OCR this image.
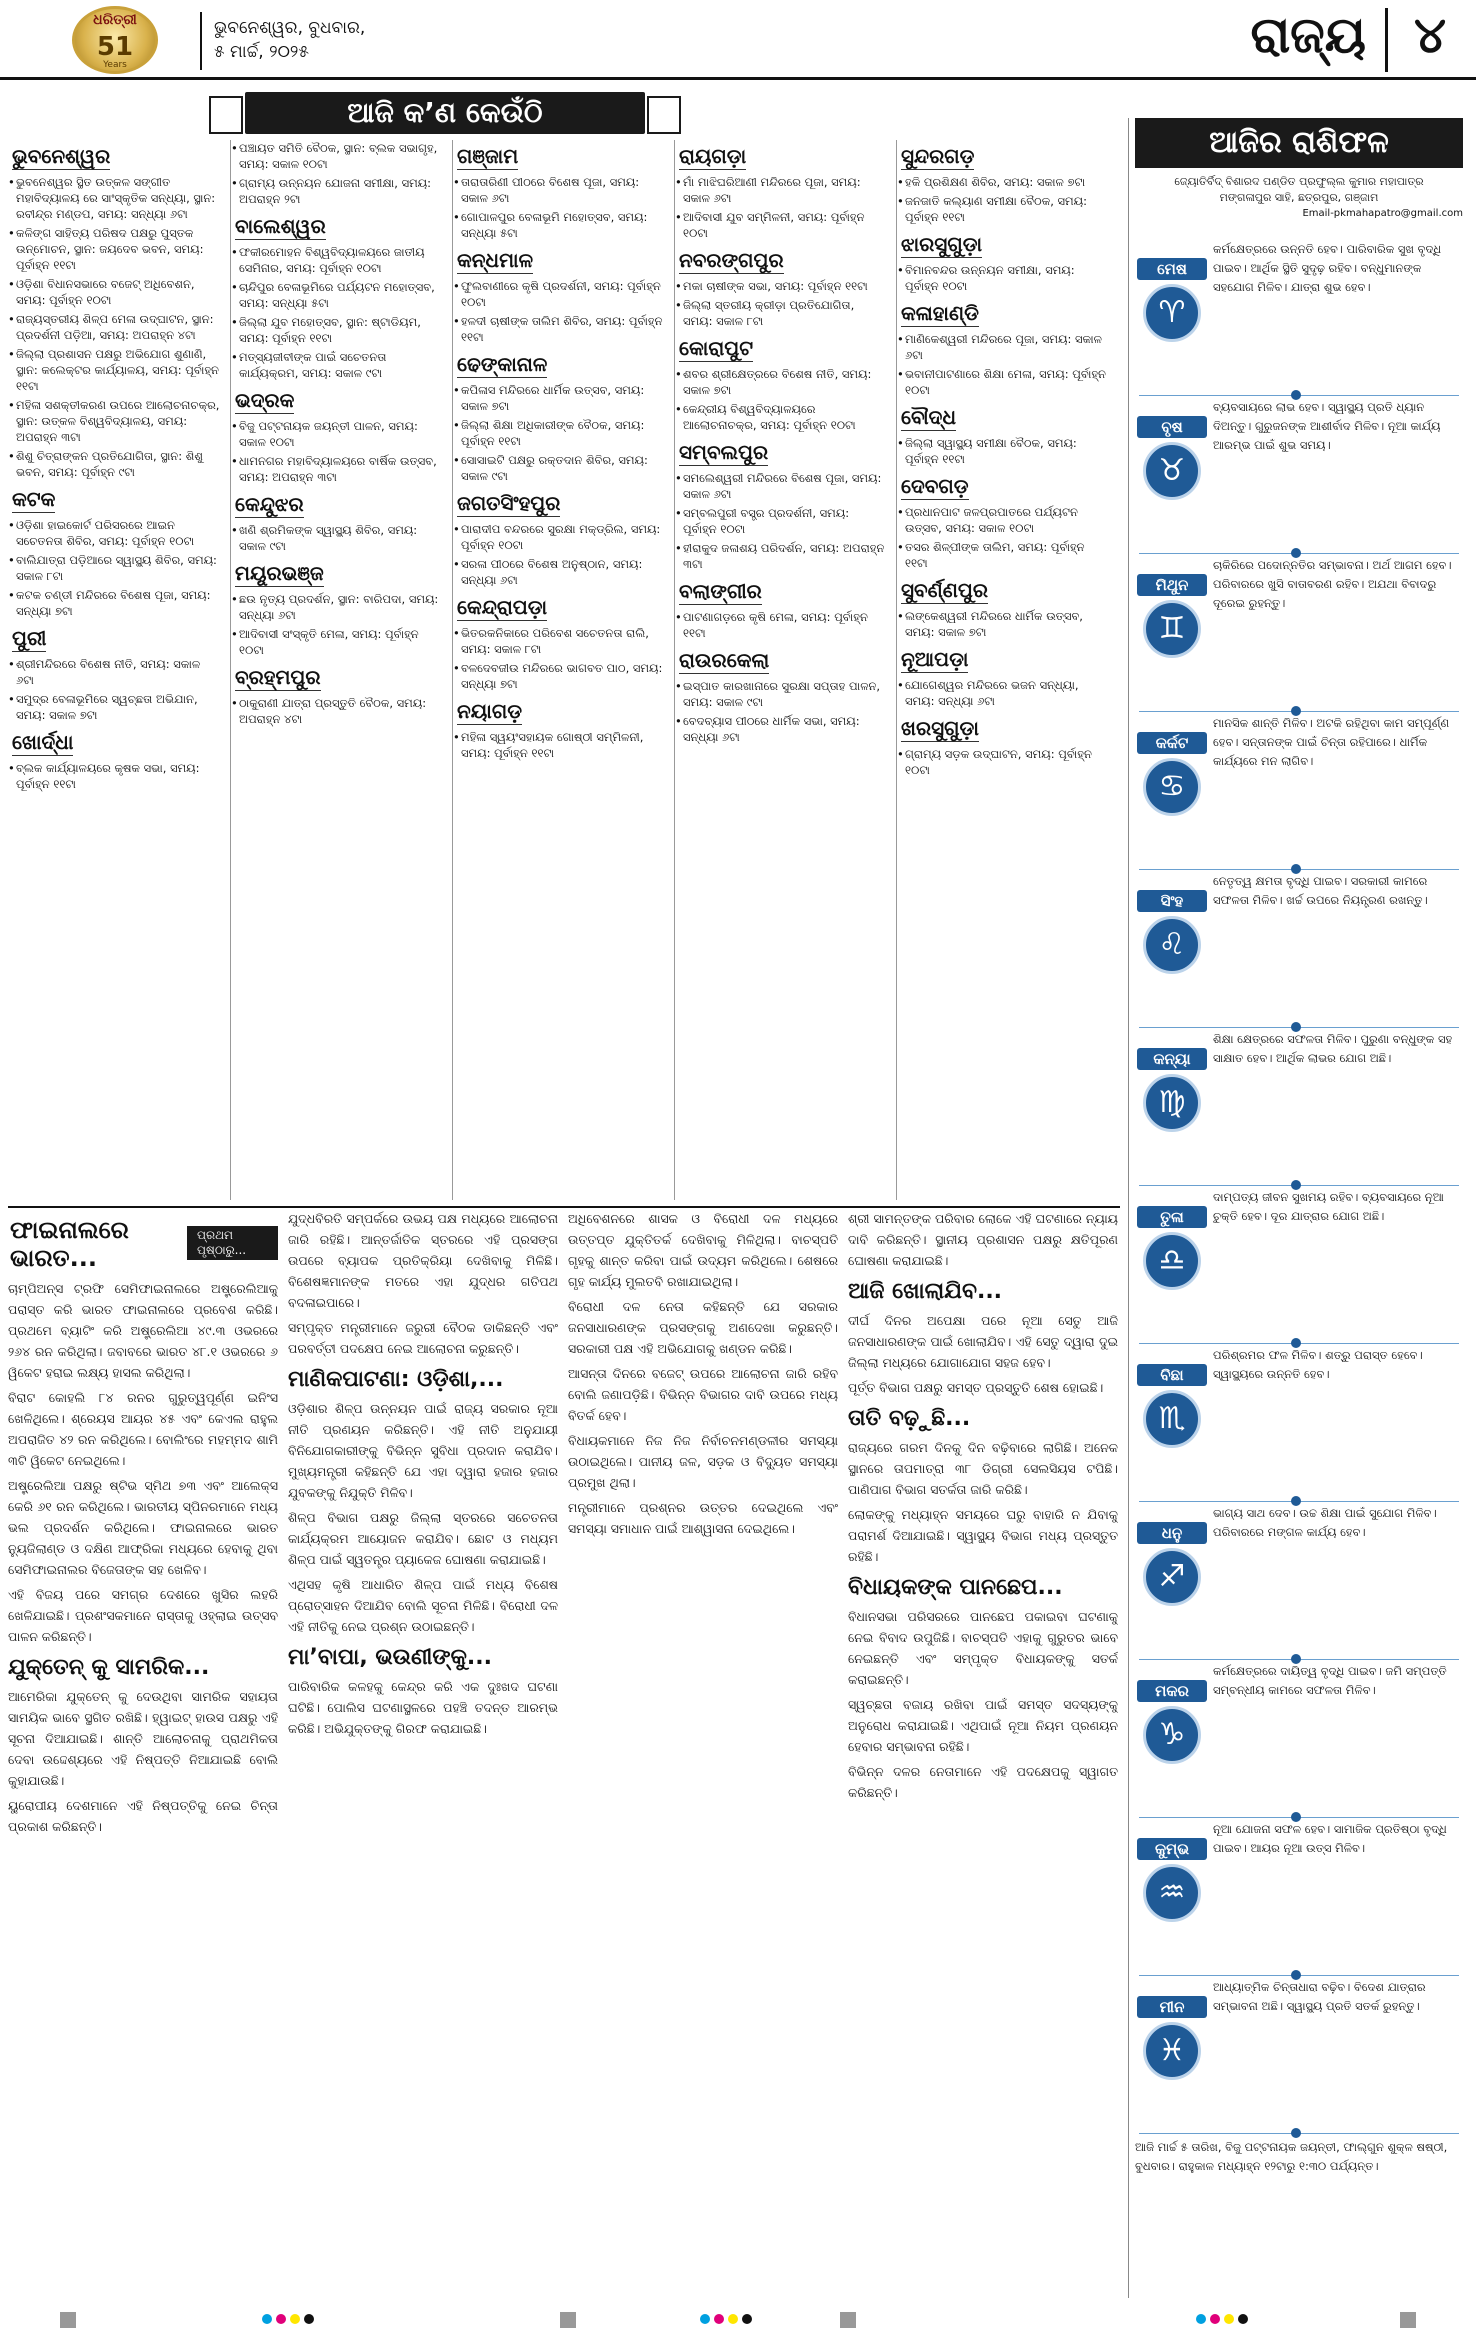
ଧରିତ୍ରୀ
51
Years
ଭୁବନେଶ୍ୱର, ବୁଧବାର,
୫ ମାର୍ଚ୍ଚ, ୨୦୨୫	ରାଜ୍ୟ ୪
ଆଜି କ’ଣ କେଉଁଠି
ଭୁବନେଶ୍ୱର
• ଭୁବନେଶ୍ୱର ସ୍ଥିତ ଉତ୍କଳ ସଙ୍ଗୀତ ମହାବିଦ୍ୟାଳୟ ରେ ସାଂସ୍କୃତିକ ସନ୍ଧ୍ୟା, ସ୍ଥାନ: ରବୀନ୍ଦ୍ର ମଣ୍ଡପ, ସମୟ: ସନ୍ଧ୍ୟା ୬ଟା
• କଳିଙ୍ଗ ସାହିତ୍ୟ ପରିଷଦ ପକ୍ଷରୁ ପୁସ୍ତକ ଉନ୍ମୋଚନ, ସ୍ଥାନ: ଜୟଦେବ ଭବନ, ସମୟ: ପୂର୍ବାହ୍ନ ୧୧ଟା
• ଓଡ଼ିଶା ବିଧାନସଭାରେ ବଜେଟ୍ ଅଧିବେଶନ, ସମୟ: ପୂର୍ବାହ୍ନ ୧୦ଟା
• ରାଜ୍ୟସ୍ତରୀୟ ଶିଳ୍ପ ମେଳା ଉଦ୍‌ଘାଟନ, ସ୍ଥାନ: ପ୍ରଦର୍ଶନୀ ପଡ଼ିଆ, ସମୟ: ଅପରାହ୍ନ ୪ଟା
• ଜିଲ୍ଲା ପ୍ରଶାସନ ପକ୍ଷରୁ ଅଭିଯୋଗ ଶୁଣାଣି, ସ୍ଥାନ: କଲେକ୍ଟର କାର୍ଯ୍ୟାଳୟ, ସମୟ: ପୂର୍ବାହ୍ନ ୧୧ଟା
• ମହିଳା ସଶକ୍ତୀକରଣ ଉପରେ ଆଲୋଚନାଚକ୍ର, ସ୍ଥାନ: ଉତ୍କଳ ବିଶ୍ୱବିଦ୍ୟାଳୟ, ସମୟ: ଅପରାହ୍ନ ୩ଟା
• ଶିଶୁ ଚିତ୍ରାଙ୍କନ ପ୍ରତିଯୋଗିତା, ସ୍ଥାନ: ଶିଶୁ ଭବନ, ସମୟ: ପୂର୍ବାହ୍ନ ୯ଟା
କଟକ
• ଓଡ଼ିଶା ହାଇକୋର୍ଟ ପରିସରରେ ଆଇନ ସଚେତନତା ଶିବିର, ସମୟ: ପୂର୍ବାହ୍ନ ୧୦ଟା
• ବାଲିଯାତ୍ରା ପଡ଼ିଆରେ ସ୍ୱାସ୍ଥ୍ୟ ଶିବିର, ସମୟ: ସକାଳ ୮ଟା
• କଟକ ଚଣ୍ଡୀ ମନ୍ଦିରରେ ବିଶେଷ ପୂଜା, ସମୟ: ସନ୍ଧ୍ୟା ୭ଟା
ପୁରୀ
• ଶ୍ରୀମନ୍ଦିରରେ ବିଶେଷ ନୀତି, ସମୟ: ସକାଳ ୬ଟା
• ସମୁଦ୍ର ବେଳାଭୂମିରେ ସ୍ୱଚ୍ଛତା ଅଭିଯାନ, ସମୟ: ସକାଳ ୭ଟା
ଖୋର୍ଦ୍ଧା
• ବ୍ଲକ କାର୍ଯ୍ୟାଳୟରେ କୃଷକ ସଭା, ସମୟ: ପୂର୍ବାହ୍ନ ୧୧ଟା
• ପଞ୍ଚାୟତ ସମିତି ବୈଠକ, ସ୍ଥାନ: ବ୍ଲକ ସଭାଗୃହ, ସମୟ: ସକାଳ ୧୦ଟା
• ଗ୍ରାମ୍ୟ ଉନ୍ନୟନ ଯୋଜନା ସମୀକ୍ଷା, ସମୟ: ଅପରାହ୍ନ ୨ଟା
ବାଲେଶ୍ୱର
• ଫକୀରମୋହନ ବିଶ୍ୱବିଦ୍ୟାଳୟରେ ଜାତୀୟ ସେମିନାର, ସମୟ: ପୂର୍ବାହ୍ନ ୧୦ଟା
• ଚାନ୍ଦିପୁର ବେଳାଭୂମିରେ ପର୍ଯ୍ୟଟନ ମହୋତ୍ସବ, ସମୟ: ସନ୍ଧ୍ୟା ୫ଟା
• ଜିଲ୍ଲା ଯୁବ ମହୋତ୍ସବ, ସ୍ଥାନ: ଷ୍ଟାଡିୟମ, ସମୟ: ପୂର୍ବାହ୍ନ ୧୧ଟା
• ମତ୍ସ୍ୟଜୀବୀଙ୍କ ପାଇଁ ସଚେତନତା କାର୍ଯ୍ୟକ୍ରମ, ସମୟ: ସକାଳ ୯ଟା
ଭଦ୍ରକ
• ବିଜୁ ପଟ୍ଟନାୟକ ଜୟନ୍ତୀ ପାଳନ, ସମୟ: ସକାଳ ୧୦ଟା
• ଧାମନଗର ମହାବିଦ୍ୟାଳୟରେ ବାର୍ଷିକ ଉତ୍ସବ, ସମୟ: ଅପରାହ୍ନ ୩ଟା
କେନ୍ଦୁଝର
• ଖଣି ଶ୍ରମିକଙ୍କ ସ୍ୱାସ୍ଥ୍ୟ ଶିବିର, ସମୟ: ସକାଳ ୯ଟା
ମୟୂରଭଞ୍ଜ
• ଛଉ ନୃତ୍ୟ ପ୍ରଦର୍ଶନ, ସ୍ଥାନ: ବାରିପଦା, ସମୟ: ସନ୍ଧ୍ୟା ୬ଟା
• ଆଦିବାସୀ ସଂସ୍କୃତି ମେଳା, ସମୟ: ପୂର୍ବାହ୍ନ ୧୦ଟା
ବ୍ରହ୍ମପୁର
• ଠାକୁରାଣୀ ଯାତ୍ରା ପ୍ରସ୍ତୁତି ବୈଠକ, ସମୟ: ଅପରାହ୍ନ ୪ଟା
ଗଞ୍ଜାମ
• ତାରାତାରିଣୀ ପୀଠରେ ବିଶେଷ ପୂଜା, ସମୟ: ସକାଳ ୬ଟା
• ଗୋପାଳପୁର ବେଳାଭୂମି ମହୋତ୍ସବ, ସମୟ: ସନ୍ଧ୍ୟା ୫ଟା
କନ୍ଧମାଳ
• ଫୁଲବାଣୀରେ କୃଷି ପ୍ରଦର୍ଶନୀ, ସମୟ: ପୂର୍ବାହ୍ନ ୧୦ଟା
• ହଳଦୀ ଚାଷୀଙ୍କ ତାଲିମ ଶିବିର, ସମୟ: ପୂର୍ବାହ୍ନ ୧୧ଟା
ଢେଙ୍କାନାଳ
• କପିଳାସ ମନ୍ଦିରରେ ଧାର୍ମିକ ଉତ୍ସବ, ସମୟ: ସକାଳ ୭ଟା
• ଜିଲ୍ଲା ଶିକ୍ଷା ଅଧିକାରୀଙ୍କ ବୈଠକ, ସମୟ: ପୂର୍ବାହ୍ନ ୧୧ଟା
• ସୋସାଇଟି ପକ୍ଷରୁ ରକ୍ତଦାନ ଶିବିର, ସମୟ: ସକାଳ ୯ଟା
ଜଗତସିଂହପୁର
• ପାରାଦୀପ ବନ୍ଦରରେ ସୁରକ୍ଷା ମକ୍‌ଡ୍ରିଲ, ସମୟ: ପୂର୍ବାହ୍ନ ୧୦ଟା
• ସରଳା ପୀଠରେ ବିଶେଷ ଅନୁଷ୍ଠାନ, ସମୟ: ସନ୍ଧ୍ୟା ୬ଟା
କେନ୍ଦ୍ରାପଡ଼ା
• ଭିତରକନିକାରେ ପରିବେଶ ସଚେତନତା ରାଲି, ସମୟ: ସକାଳ ୮ଟା
• ବଳଦେବଜୀଉ ମନ୍ଦିରରେ ଭାଗବତ ପାଠ, ସମୟ: ସନ୍ଧ୍ୟା ୭ଟା
ନୟାଗଡ଼
• ମହିଳା ସ୍ୱୟଂସହାୟକ ଗୋଷ୍ଠୀ ସମ୍ମିଳନୀ, ସମୟ: ପୂର୍ବାହ୍ନ ୧୧ଟା
ରାୟଗଡ଼ା
• ମାଁ ମାଝିଘରିଆଣୀ ମନ୍ଦିରରେ ପୂଜା, ସମୟ: ସକାଳ ୬ଟା
• ଆଦିବାସୀ ଯୁବ ସମ୍ମିଳନୀ, ସମୟ: ପୂର୍ବାହ୍ନ ୧୦ଟା
ନବରଙ୍ଗପୁର
• ମକା ଚାଷୀଙ୍କ ସଭା, ସମୟ: ପୂର୍ବାହ୍ନ ୧୧ଟା
• ଜିଲ୍ଲା ସ୍ତରୀୟ କ୍ରୀଡ଼ା ପ୍ରତିଯୋଗିତା, ସମୟ: ସକାଳ ୮ଟା
କୋରାପୁଟ
• ଶବର ଶ୍ରୀକ୍ଷେତ୍ରରେ ବିଶେଷ ନୀତି, ସମୟ: ସକାଳ ୭ଟା
• କେନ୍ଦ୍ରୀୟ ବିଶ୍ୱବିଦ୍ୟାଳୟରେ ଆଲୋଚନାଚକ୍ର, ସମୟ: ପୂର୍ବାହ୍ନ ୧୦ଟା
ସମ୍ବଲପୁର
• ସମଲେଶ୍ୱରୀ ମନ୍ଦିରରେ ବିଶେଷ ପୂଜା, ସମୟ: ସକାଳ ୬ଟା
• ସମ୍ବଲପୁରୀ ବସ୍ତ୍ର ପ୍ରଦର୍ଶନୀ, ସମୟ: ପୂର୍ବାହ୍ନ ୧୦ଟା
• ହୀରାକୁଦ ଜଳାଶୟ ପରିଦର୍ଶନ, ସମୟ: ଅପରାହ୍ନ ୩ଟା
ବଲାଙ୍ଗୀର
• ପାଟଣାଗଡ଼ରେ କୃଷି ମେଳା, ସମୟ: ପୂର୍ବାହ୍ନ ୧୧ଟା
ରାଉରକେଲା
• ଇସ୍ପାତ କାରଖାନାରେ ସୁରକ୍ଷା ସପ୍ତାହ ପାଳନ, ସମୟ: ସକାଳ ୯ଟା
• ବେଦବ୍ୟାସ ପୀଠରେ ଧାର୍ମିକ ସଭା, ସମୟ: ସନ୍ଧ୍ୟା ୬ଟା
ସୁନ୍ଦରଗଡ଼
• ହକି ପ୍ରଶିକ୍ଷଣ ଶିବିର, ସମୟ: ସକାଳ ୭ଟା
• ଜନଜାତି କଲ୍ୟାଣ ସମୀକ୍ଷା ବୈଠକ, ସମୟ: ପୂର୍ବାହ୍ନ ୧୧ଟା
ଝାରସୁଗୁଡ଼ା
• ବିମାନବନ୍ଦର ଉନ୍ନୟନ ସମୀକ୍ଷା, ସମୟ: ପୂର୍ବାହ୍ନ ୧୦ଟା
କଳାହାଣ୍ଡି
• ମାଣିକେଶ୍ୱରୀ ମନ୍ଦିରରେ ପୂଜା, ସମୟ: ସକାଳ ୬ଟା
• ଭବାନୀପାଟଣାରେ ଶିକ୍ଷା ମେଳା, ସମୟ: ପୂର୍ବାହ୍ନ ୧୦ଟା
ବୌଦ୍ଧ
• ଜିଲ୍ଲା ସ୍ୱାସ୍ଥ୍ୟ ସମୀକ୍ଷା ବୈଠକ, ସମୟ: ପୂର୍ବାହ୍ନ ୧୧ଟା
ଦେବଗଡ଼
• ପ୍ରଧାନପାଟ ଜଳପ୍ରପାତରେ ପର୍ଯ୍ୟଟନ ଉତ୍ସବ, ସମୟ: ସକାଳ ୧୦ଟା
• ତସର ଶିଳ୍ପୀଙ୍କ ତାଲିମ, ସମୟ: ପୂର୍ବାହ୍ନ ୧୧ଟା
ସୁବର୍ଣ୍ଣପୁର
• ଲଙ୍କେଶ୍ୱରୀ ମନ୍ଦିରରେ ଧାର୍ମିକ ଉତ୍ସବ, ସମୟ: ସକାଳ ୭ଟା
ନୂଆପଡ଼ା
• ଯୋଗେଶ୍ୱର ମନ୍ଦିରରେ ଭଜନ ସନ୍ଧ୍ୟା, ସମୟ: ସନ୍ଧ୍ୟା ୬ଟା
ଖରସୁଗୁଡ଼ା
• ଗ୍ରାମ୍ୟ ସଡ଼କ ଉଦ୍‌ଘାଟନ, ସମୟ: ପୂର୍ବାହ୍ନ ୧୦ଟା
ଆଜିର ରାଶିଫଳ
ଜ୍ୟୋତିର୍ବିଦ୍ ବିଶାରଦ ପଣ୍ଡିତ ପ୍ରଫୁଲ୍ଲ କୁମାର ମହାପାତ୍ର
ମଙ୍ଗଳାପୁର ସାହି, ଛତ୍ରପୁର, ଗଞ୍ଜାମ
Email-pkmahapatro@gmail.com
ମେଷ
♈
କର୍ମକ୍ଷେତ୍ରରେ ଉନ୍ନତି ହେବ। ପାରିବାରିକ ସୁଖ ବୃଦ୍ଧି ପାଇବ। ଆର୍ଥିକ ସ୍ଥିତି ସୁଦୃଢ଼ ରହିବ। ବନ୍ଧୁମାନଙ୍କ ସହଯୋଗ ମିଳିବ। ଯାତ୍ରା ଶୁଭ ହେବ।
ବୃଷ
♉
ବ୍ୟବସାୟରେ ଲାଭ ହେବ। ସ୍ୱାସ୍ଥ୍ୟ ପ୍ରତି ଧ୍ୟାନ ଦିଅନ୍ତୁ। ଗୁରୁଜନଙ୍କ ଆଶୀର୍ବାଦ ମିଳିବ। ନୂଆ କାର୍ଯ୍ୟ ଆରମ୍ଭ ପାଇଁ ଶୁଭ ସମୟ।
ମିଥୁନ
♊
ଚାକିରିରେ ପଦୋନ୍ନତିର ସମ୍ଭାବନା। ଅର୍ଥ ଆଗମ ହେବ। ପରିବାରରେ ଖୁସି ବାତାବରଣ ରହିବ। ଅଯଥା ବିବାଦରୁ ଦୂରେଇ ରୁହନ୍ତୁ।
କର୍କଟ
♋
ମାନସିକ ଶାନ୍ତି ମିଳିବ। ଅଟକି ରହିଥିବା କାମ ସମ୍ପୂର୍ଣ୍ଣ ହେବ। ସନ୍ତାନଙ୍କ ପାଇଁ ଚିନ୍ତା ରହିପାରେ। ଧାର୍ମିକ କାର୍ଯ୍ୟରେ ମନ ଲାଗିବ।
ସିଂହ
♌
ନେତୃତ୍ୱ କ୍ଷମତା ବୃଦ୍ଧି ପାଇବ। ସରକାରୀ କାମରେ ସଫଳତା ମିଳିବ। ଖର୍ଚ୍ଚ ଉପରେ ନିୟନ୍ତ୍ରଣ ରଖନ୍ତୁ।
କନ୍ୟା
♍
ଶିକ୍ଷା କ୍ଷେତ୍ରରେ ସଫଳତା ମିଳିବ। ପୁରୁଣା ବନ୍ଧୁଙ୍କ ସହ ସାକ୍ଷାତ ହେବ। ଆର୍ଥିକ ଲାଭର ଯୋଗ ଅଛି।
ତୁଳା
♎
ଦାମ୍ପତ୍ୟ ଜୀବନ ସୁଖମୟ ରହିବ। ବ୍ୟବସାୟରେ ନୂଆ ଚୁକ୍ତି ହେବ। ଦୂର ଯାତ୍ରାର ଯୋଗ ଅଛି।
ବିଛା
♏
ପରିଶ୍ରମର ଫଳ ମିଳିବ। ଶତ୍ରୁ ପରାସ୍ତ ହେବେ। ସ୍ୱାସ୍ଥ୍ୟରେ ଉନ୍ନତି ହେବ।
ଧନୁ
♐
ଭାଗ୍ୟ ସାଥ ଦେବ। ଉଚ୍ଚ ଶିକ୍ଷା ପାଇଁ ସୁଯୋଗ ମିଳିବ। ପରିବାରରେ ମଙ୍ଗଳ କାର୍ଯ୍ୟ ହେବ।
ମକର
♑
କର୍ମକ୍ଷେତ୍ରରେ ଦାୟିତ୍ୱ ବୃଦ୍ଧି ପାଇବ। ଜମି ସମ୍ପତ୍ତି ସମ୍ବନ୍ଧୀୟ କାମରେ ସଫଳତା ମିଳିବ।
କୁମ୍ଭ
♒
ନୂଆ ଯୋଜନା ସଫଳ ହେବ। ସାମାଜିକ ପ୍ରତିଷ୍ଠା ବୃଦ୍ଧି ପାଇବ। ଆୟର ନୂଆ ଉତ୍ସ ମିଳିବ।
ମୀନ
♓
ଆଧ୍ୟାତ୍ମିକ ଚିନ୍ତାଧାରା ବଢ଼ିବ। ବିଦେଶ ଯାତ୍ରାର ସମ୍ଭାବନା ଅଛି। ସ୍ୱାସ୍ଥ୍ୟ ପ୍ରତି ସତର୍କ ରୁହନ୍ତୁ।
ଆଜି ମାର୍ଚ୍ଚ ୫ ତାରିଖ, ବିଜୁ ପଟ୍ଟନାୟକ ଜୟନ୍ତୀ, ଫାଲ୍‌ଗୁନ ଶୁକ୍ଳ ଷଷ୍ଠୀ, ବୁଧବାର। ରାହୁକାଳ ମଧ୍ୟାହ୍ନ ୧୨ଟାରୁ ୧:୩୦ ପର୍ଯ୍ୟନ୍ତ।
ଫାଇନାଲରେ ଭାରତ...
ପ୍ରଥମ ପୃଷ୍ଠାରୁ...

ଚାମ୍ପିଅନ୍ସ ଟ୍ରଫି ସେମିଫାଇନାଲରେ ଅଷ୍ଟ୍ରେଲିଆକୁ ପରାସ୍ତ କରି ଭାରତ ଫାଇନାଲରେ ପ୍ରବେଶ କରିଛି। ପ୍ରଥମେ ବ୍ୟାଟିଂ କରି ଅଷ୍ଟ୍ରେଲିଆ ୪୯.୩ ଓଭରରେ ୨୬୪ ରନ କରିଥିଲା। ଜବାବରେ ଭାରତ ୪୮.୧ ଓଭରରେ ୬ ୱିକେଟ ହରାଇ ଲକ୍ଷ୍ୟ ହାସଲ କରିଥିଲା।

ବିରାଟ କୋହଲି ୮୪ ରନର ଗୁରୁତ୍ୱପୂର୍ଣ୍ଣ ଇନିଂସ ଖେଳିଥିଲେ। ଶ୍ରେୟସ ଆୟର ୪୫ ଏବଂ କେଏଲ ରାହୁଲ ଅପରାଜିତ ୪୨ ରନ କରିଥିଲେ। ବୋଲିଂରେ ମହମ୍ମଦ ଶାମି ୩ଟି ୱିକେଟ ନେଇଥିଲେ।

ଅଷ୍ଟ୍ରେଲିଆ ପକ୍ଷରୁ ଷ୍ଟିଭ ସ୍ମିଥ ୭୩ ଏବଂ ଆଲେକ୍ସ କେରି ୬୧ ରନ କରିଥିଲେ। ଭାରତୀୟ ସ୍ପିନରମାନେ ମଧ୍ୟ ଭଲ ପ୍ରଦର୍ଶନ କରିଥିଲେ। ଫାଇନାଲରେ ଭାରତ ନ୍ୟୁଜିଲାଣ୍ଡ ଓ ଦକ୍ଷିଣ ଆଫ୍ରିକା ମଧ୍ୟରେ ହେବାକୁ ଥିବା ସେମିଫାଇନାଲର ବିଜେତାଙ୍କ ସହ ଖେଳିବ।

ଏହି ବିଜୟ ପରେ ସମଗ୍ର ଦେଶରେ ଖୁସିର ଲହରି ଖେଳିଯାଇଛି। ପ୍ରଶଂସକମାନେ ରାସ୍ତାକୁ ଓହ୍ଲାଇ ଉତ୍ସବ ପାଳନ କରିଛନ୍ତି।

ଯୁକ୍ତେନ୍ କୁ ସାମରିକ...

ଆମେରିକା ଯୁକ୍ତେନ୍ କୁ ଦେଉଥିବା ସାମରିକ ସହାୟତା ସାମୟିକ ଭାବେ ସ୍ଥଗିତ ରଖିଛି। ହ୍ୱାଇଟ୍ ହାଉସ ପକ୍ଷରୁ ଏହି ସୂଚନା ଦିଆଯାଇଛି। ଶାନ୍ତି ଆଲୋଚନାକୁ ପ୍ରାଥମିକତା ଦେବା ଉଦ୍ଦେଶ୍ୟରେ ଏହି ନିଷ୍ପତ୍ତି ନିଆଯାଇଛି ବୋଲି କୁହାଯାଉଛି।

ୟୁରୋପୀୟ ଦେଶମାନେ ଏହି ନିଷ୍ପତ୍ତିକୁ ନେଇ ଚିନ୍ତା ପ୍ରକାଶ କରିଛନ୍ତି।

ଯୁଦ୍ଧବିରତି ସମ୍ପର୍କରେ ଉଭୟ ପକ୍ଷ ମଧ୍ୟରେ ଆଲୋଚନା ଜାରି ରହିଛି। ଆନ୍ତର୍ଜାତିକ ସ୍ତରରେ ଏହି ପ୍ରସଙ୍ଗ ଉପରେ ବ୍ୟାପକ ପ୍ରତିକ୍ରିୟା ଦେଖିବାକୁ ମିଳିଛି। ବିଶେଷଜ୍ଞମାନଙ୍କ ମତରେ ଏହା ଯୁଦ୍ଧର ଗତିପଥ ବଦଳାଇପାରେ।

ସମ୍ପୃକ୍ତ ମନ୍ତ୍ରୀମାନେ ଜରୁରୀ ବୈଠକ ଡାକିଛନ୍ତି ଏବଂ ପରବର୍ତ୍ତୀ ପଦକ୍ଷେପ ନେଇ ଆଲୋଚନା କରୁଛନ୍ତି।

ମାଣିକପାଟଣା: ଓଡ଼ିଶା,...

ଓଡ଼ିଶାର ଶିଳ୍ପ ଉନ୍ନୟନ ପାଇଁ ରାଜ୍ୟ ସରକାର ନୂଆ ନୀତି ପ୍ରଣୟନ କରିଛନ୍ତି। ଏହି ନୀତି ଅନୁଯାୟୀ ବିନିଯୋଗକାରୀଙ୍କୁ ବିଭିନ୍ନ ସୁବିଧା ପ୍ରଦାନ କରାଯିବ। ମୁଖ୍ୟମନ୍ତ୍ରୀ କହିଛନ୍ତି ଯେ ଏହା ଦ୍ୱାରା ହଜାର ହଜାର ଯୁବକଙ୍କୁ ନିଯୁକ୍ତି ମିଳିବ।

ଶିଳ୍ପ ବିଭାଗ ପକ୍ଷରୁ ଜିଲ୍ଲା ସ୍ତରରେ ସଚେତନତା କାର୍ଯ୍ୟକ୍ରମ ଆୟୋଜନ କରାଯିବ। ଛୋଟ ଓ ମଧ୍ୟମ ଶିଳ୍ପ ପାଇଁ ସ୍ୱତନ୍ତ୍ର ପ୍ୟାକେଜ ଘୋଷଣା କରାଯାଇଛି।

ଏଥିସହ କୃଷି ଆଧାରିତ ଶିଳ୍ପ ପାଇଁ ମଧ୍ୟ ବିଶେଷ ପ୍ରୋତ୍ସାହନ ଦିଆଯିବ ବୋଲି ସୂଚନା ମିଳିଛି। ବିରୋଧୀ ଦଳ ଏହି ନୀତିକୁ ନେଇ ପ୍ରଶ୍ନ ଉଠାଇଛନ୍ତି।

ମା’ବାପା, ଭଉଣୀଙ୍କୁ...

ପାରିବାରିକ କଳହକୁ କେନ୍ଦ୍ର କରି ଏକ ଦୁଃଖଦ ଘଟଣା ଘଟିଛି। ପୋଲିସ ଘଟଣାସ୍ଥଳରେ ପହଞ୍ଚି ତଦନ୍ତ ଆରମ୍ଭ କରିଛି। ଅଭିଯୁକ୍ତଙ୍କୁ ଗିରଫ କରାଯାଇଛି।

ଅଧିବେଶନରେ ଶାସକ ଓ ବିରୋଧୀ ଦଳ ମଧ୍ୟରେ ଉତ୍ତପ୍ତ ଯୁକ୍ତିତର୍କ ଦେଖିବାକୁ ମିଳିଥିଲା। ବାଚସ୍ପତି ଗୃହକୁ ଶାନ୍ତ କରିବା ପାଇଁ ଉଦ୍ୟମ କରିଥିଲେ। ଶେଷରେ ଗୃହ କାର୍ଯ୍ୟ ମୁଲତବି ରଖାଯାଇଥିଲା।

ବିରୋଧୀ ଦଳ ନେତା କହିଛନ୍ତି ଯେ ସରକାର ଜନସାଧାରଣଙ୍କ ପ୍ରସଙ୍ଗକୁ ଅଣଦେଖା କରୁଛନ୍ତି। ସରକାରୀ ପକ୍ଷ ଏହି ଅଭିଯୋଗକୁ ଖଣ୍ଡନ କରିଛି।

ଆସନ୍ତା ଦିନରେ ବଜେଟ୍ ଉପରେ ଆଲୋଚନା ଜାରି ରହିବ ବୋଲି ଜଣାପଡ଼ିଛି। ବିଭିନ୍ନ ବିଭାଗର ଦାବି ଉପରେ ମଧ୍ୟ ବିତର୍କ ହେବ।

ବିଧାୟକମାନେ ନିଜ ନିଜ ନିର୍ବାଚନମଣ୍ଡଳୀର ସମସ୍ୟା ଉଠାଇଥିଲେ। ପାନୀୟ ଜଳ, ସଡ଼କ ଓ ବିଦ୍ୟୁତ ସମସ୍ୟା ପ୍ରମୁଖ ଥିଲା।

ମନ୍ତ୍ରୀମାନେ ପ୍ରଶ୍ନର ଉତ୍ତର ଦେଇଥିଲେ ଏବଂ ସମସ୍ୟା ସମାଧାନ ପାଇଁ ଆଶ୍ୱାସନା ଦେଇଥିଲେ।

ଶ୍ରୀ ସାମନ୍ତଙ୍କ ପରିବାର ଲୋକେ ଏହି ଘଟଣାରେ ନ୍ୟାୟ ଦାବି କରିଛନ୍ତି। ସ୍ଥାନୀୟ ପ୍ରଶାସନ ପକ୍ଷରୁ କ୍ଷତିପୂରଣ ଘୋଷଣା କରାଯାଇଛି।

ଆଜି ଖୋଲାଯିବ...

ଦୀର୍ଘ ଦିନର ଅପେକ୍ଷା ପରେ ନୂଆ ସେତୁ ଆଜି ଜନସାଧାରଣଙ୍କ ପାଇଁ ଖୋଲାଯିବ। ଏହି ସେତୁ ଦ୍ୱାରା ଦୁଇ ଜିଲ୍ଲା ମଧ୍ୟରେ ଯୋଗାଯୋଗ ସହଜ ହେବ।

ପୂର୍ତ୍ତ ବିଭାଗ ପକ୍ଷରୁ ସମସ୍ତ ପ୍ରସ୍ତୁତି ଶେଷ ହୋଇଛି।

ତାତି ବଢ଼ୁଛି...

ରାଜ୍ୟରେ ଗରମ ଦିନକୁ ଦିନ ବଢ଼ିବାରେ ଲାଗିଛି। ଅନେକ ସ୍ଥାନରେ ତାପମାତ୍ରା ୩୮ ଡିଗ୍ରୀ ସେଲସିୟସ ଟପିଛି। ପାଣିପାଗ ବିଭାଗ ସତର୍କତା ଜାରି କରିଛି।

ଲୋକଙ୍କୁ ମଧ୍ୟାହ୍ନ ସମୟରେ ଘରୁ ବାହାରି ନ ଯିବାକୁ ପରାମର୍ଶ ଦିଆଯାଇଛି। ସ୍ୱାସ୍ଥ୍ୟ ବିଭାଗ ମଧ୍ୟ ପ୍ରସ୍ତୁତ ରହିଛି।

ବିଧାୟକଙ୍କ ପାନଛେପ...

ବିଧାନସଭା ପରିସରରେ ପାନଛେପ ପକାଇବା ଘଟଣାକୁ ନେଇ ବିବାଦ ଉପୁଜିଛି। ବାଚସ୍ପତି ଏହାକୁ ଗୁରୁତର ଭାବେ ନେଇଛନ୍ତି ଏବଂ ସମ୍ପୃକ୍ତ ବିଧାୟକଙ୍କୁ ସତର୍କ କରାଇଛନ୍ତି।

ସ୍ୱଚ୍ଛତା ବଜାୟ ରଖିବା ପାଇଁ ସମସ୍ତ ସଦସ୍ୟଙ୍କୁ ଅନୁରୋଧ କରାଯାଇଛି। ଏଥିପାଇଁ ନୂଆ ନିୟମ ପ୍ରଣୟନ ହେବାର ସମ୍ଭାବନା ରହିଛି।

ବିଭିନ୍ନ ଦଳର ନେତାମାନେ ଏହି ପଦକ୍ଷେପକୁ ସ୍ୱାଗତ କରିଛନ୍ତି।
